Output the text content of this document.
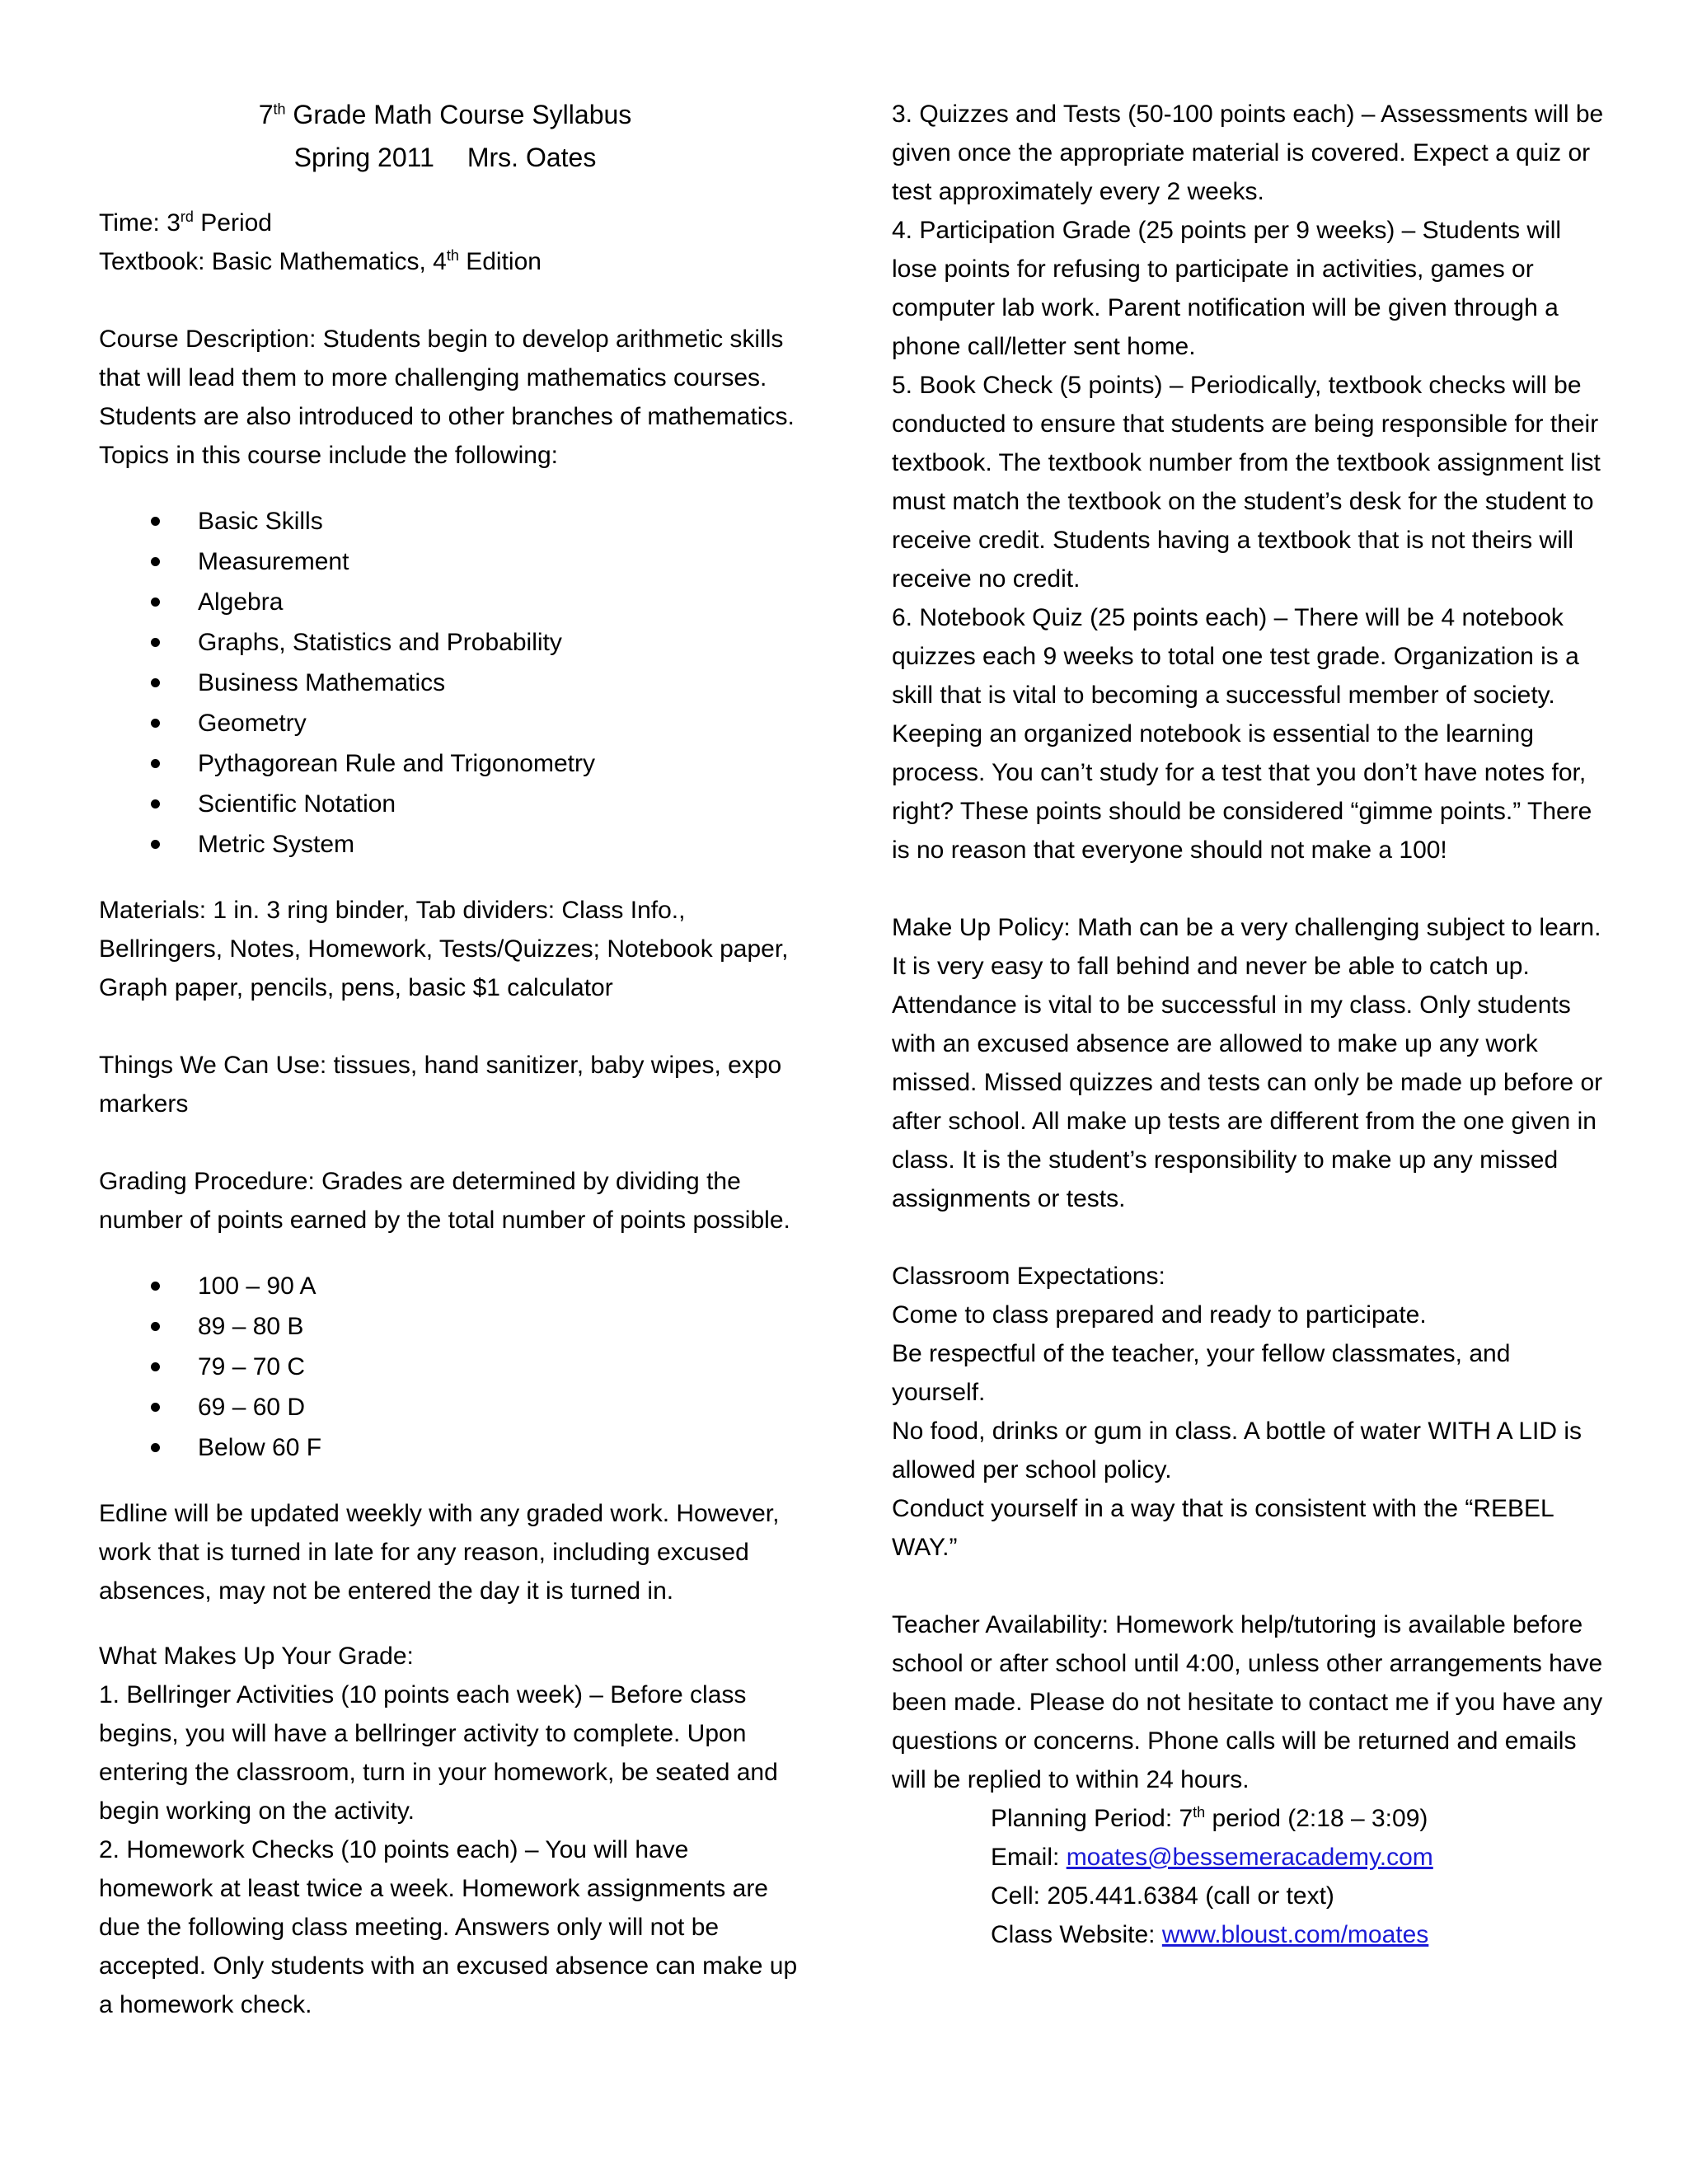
7th Grade Math Course Syllabus

Spring 2011 Mrs. Oates

Time: 3rd Period

Textbook: Basic Mathematics, 4th Edition

Course Description: Students begin to develop arithmetic skills that will lead them to more challenging mathematics courses. Students are also introduced to other branches of mathematics. Topics in this course include the following:

Basic Skills
Measurement
Algebra
Graphs, Statistics and Probability
Business Mathematics
Geometry
Pythagorean Rule and Trigonometry
Scientific Notation
Metric System

Materials: 1 in. 3 ring binder, Tab dividers: Class Info., Bellringers, Notes, Homework, Tests/Quizzes; Notebook paper, Graph paper, pencils, pens, basic $1 calculator

Things We Can Use: tissues, hand sanitizer, baby wipes, expo markers

Grading Procedure: Grades are determined by dividing the number of points earned by the total number of points possible.

100 – 90 A
89 – 80 B
79 – 70 C
69 – 60 D
Below 60 F

Edline will be updated weekly with any graded work. However, work that is turned in late for any reason, including excused absences, may not be entered the day it is turned in.

What Makes Up Your Grade:

1. Bellringer Activities (10 points each week) – Before class begins, you will have a bellringer activity to complete. Upon entering the classroom, turn in your homework, be seated and begin working on the activity.

2. Homework Checks (10 points each) – You will have homework at least twice a week. Homework assignments are due the following class meeting. Answers only will not be accepted. Only students with an excused absence can make up a homework check.

3. Quizzes and Tests (50-100 points each) – Assessments will be given once the appropriate material is covered. Expect a quiz or test approximately every 2 weeks.

4. Participation Grade (25 points per 9 weeks) – Students will lose points for refusing to participate in activities, games or computer lab work. Parent notification will be given through a phone call/letter sent home.

5. Book Check (5 points) – Periodically, textbook checks will be conducted to ensure that students are being responsible for their textbook. The textbook number from the textbook assignment list must match the textbook on the student’s desk for the student to receive credit. Students having a textbook that is not theirs will receive no credit.

6. Notebook Quiz (25 points each) – There will be 4 notebook quizzes each 9 weeks to total one test grade. Organization is a skill that is vital to becoming a successful member of society. Keeping an organized notebook is essential to the learning process. You can’t study for a test that you don’t have notes for, right? These points should be considered “gimme points.” There is no reason that everyone should not make a 100!

Make Up Policy: Math can be a very challenging subject to learn. It is very easy to fall behind and never be able to catch up. Attendance is vital to be successful in my class. Only students with an excused absence are allowed to make up any work missed. Missed quizzes and tests can only be made up before or after school. All make up tests are different from the one given in class. It is the student’s responsibility to make up any missed assignments or tests.

Classroom Expectations:

Come to class prepared and ready to participate.

Be respectful of the teacher, your fellow classmates, and yourself.

No food, drinks or gum in class. A bottle of water WITH A LID is allowed per school policy.

Conduct yourself in a way that is consistent with the “REBEL WAY.”

Teacher Availability: Homework help/tutoring is available before school or after school until 4:00, unless other arrangements have been made. Please do not hesitate to contact me if you have any questions or concerns. Phone calls will be returned and emails will be replied to within 24 hours.

Planning Period: 7th period (2:18 – 3:09)

Email: moates@bessemeracademy.com

Cell: 205.441.6384 (call or text)

Class Website: www.bloust.com/moates
